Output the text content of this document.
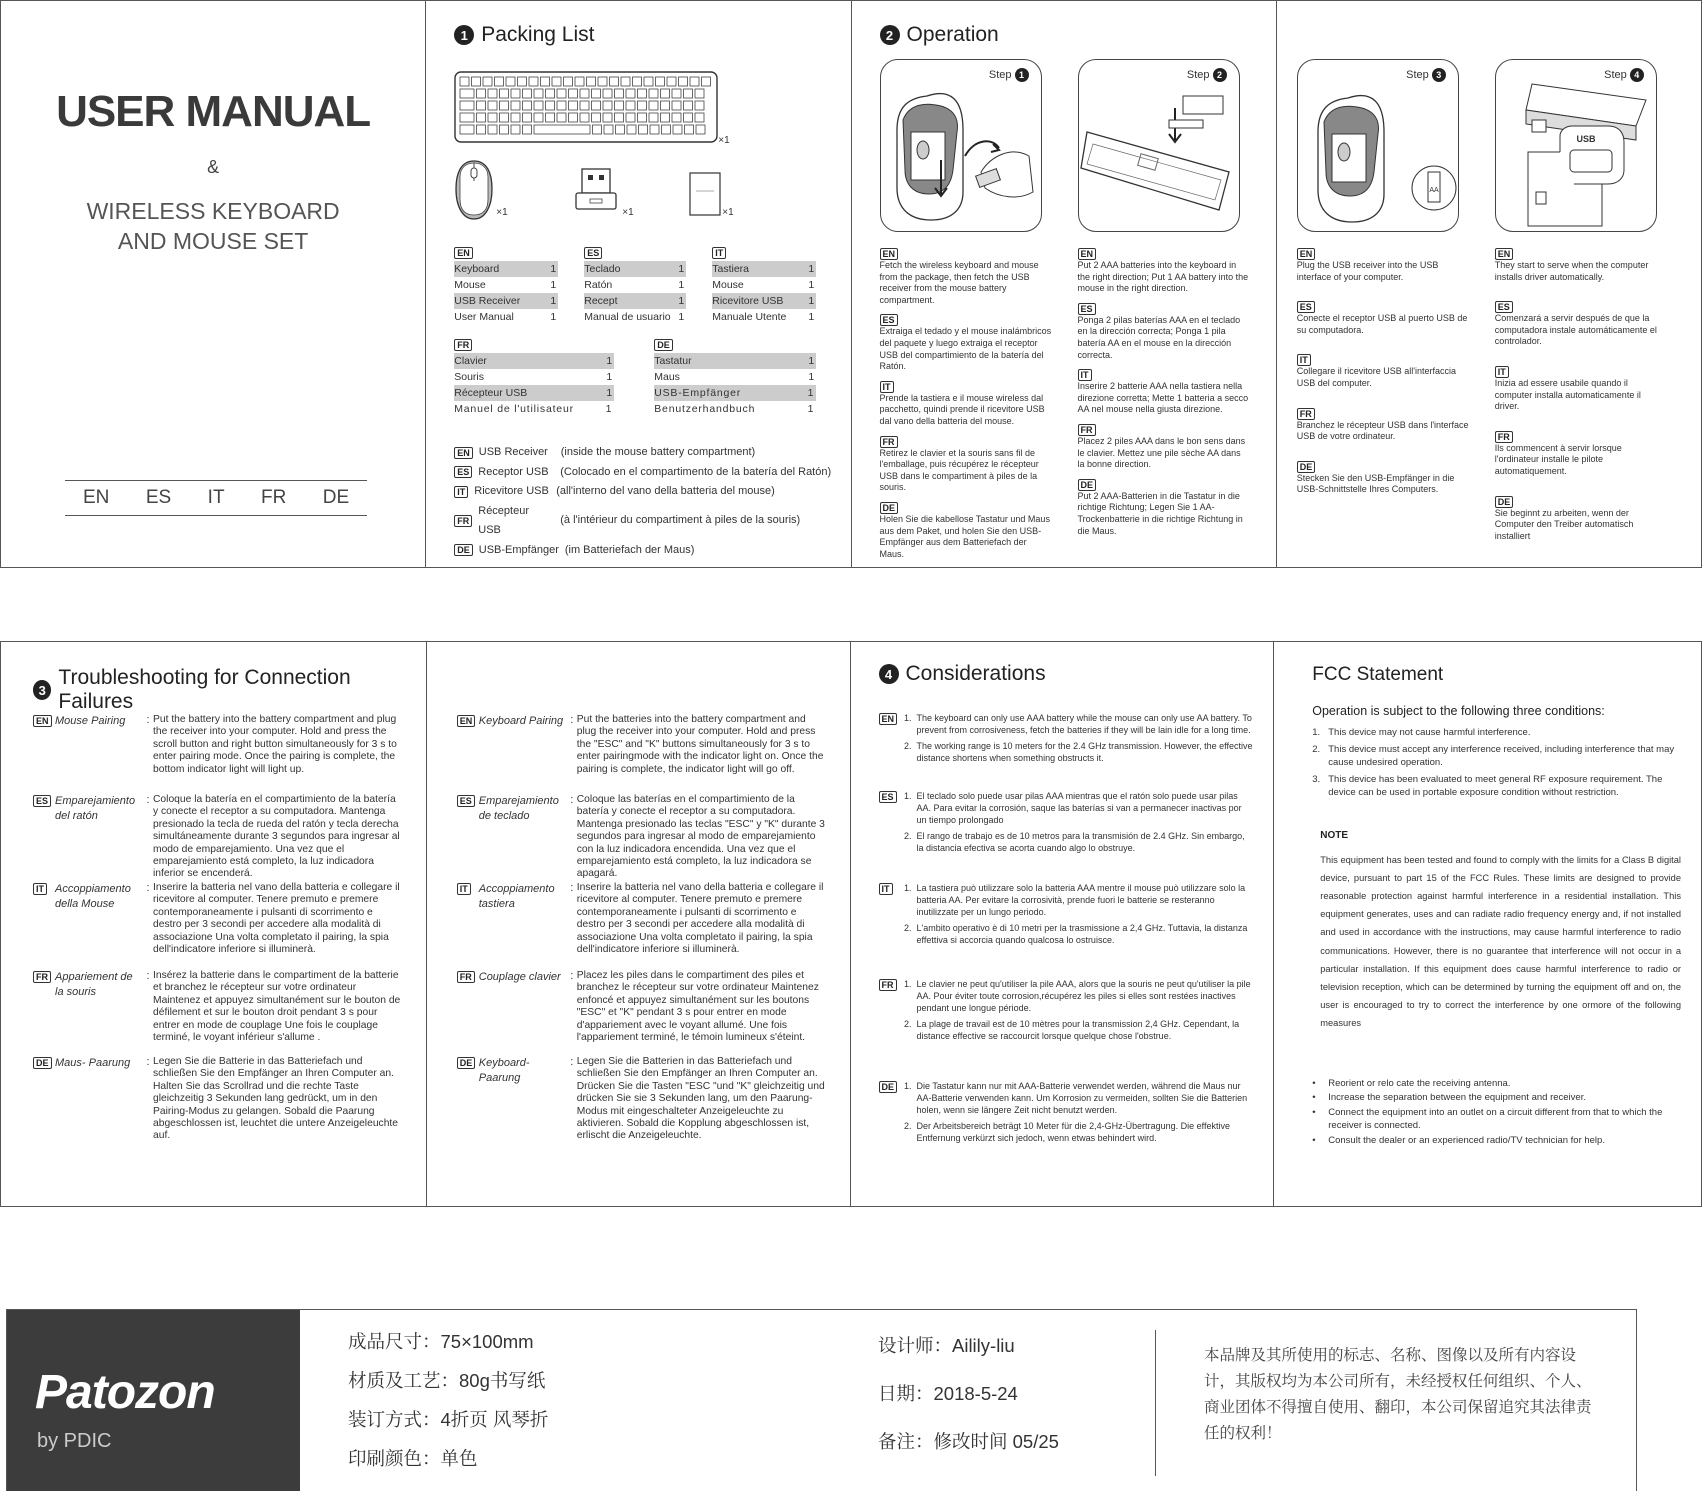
USER MANUAL
&
WIRELESS KEYBOARD
AND MOUSE SET
EN ES IT FR DE
1 Packing List
×1
×1	×1	×1
EN
Keyboard	1
Mouse	1
USB Receiver	1
User Manual	1
ES
Teclado	1
Ratón	1
Recept	1
Manual de usuario 1
IT
Tastiera	1
Mouse	1
Ricevitore USB 1
Manuale Utente 1
FR
Clavier	1
Souris	1
Récepteur USB	1
Manuel de l'utilisateur	1
DE
Tastatur	1
Maus	1
USB-Empfänger	1
Benutzerhandbuch	1
EN USB Receiver	(inside the mouse battery compartment)
ES Receptor USB	(Colocado en el compartimento de la batería del Ratón)
IT Ricevitore USB (all'interno del vano della batteria del mouse)
FR
Récepteur USB
(à l'intérieur du compartiment à piles de la souris)
DE USB-Empfänger (im Batteriefach der Maus)
2 Operation
Step 1	Step 2
EN
Fetch the wireless keyboard and mouse from the package, then fetch the USB receiver from the mouse battery compartment.
ES
Extraiga el tedado y el mouse inalámbricos del paquete y luego extraiga el receptor USB del compartimiento de la batería del Ratón.
IT
Prende la tastiera e il mouse wireless dal pacchetto, quindi prende il ricevitore USB dal vano della batteria del mouse.
FR
Retirez le clavier et la souris sans fil de l'emballage, puis récupérez le récepteur USB dans le compartiment à piles de la souris.
DE
Holen Sie die kabellose Tastatur und Maus aus dem Paket, und holen Sie den USB-Empfänger aus dem Batteriefach der Maus.
EN
Put 2 AAA batteries into the keyboard in the right direction; Put 1 AA battery into the mouse in the right direction.
ES
Ponga 2 pilas baterías AAA en el teclado en la dirección correcta; Ponga 1 pila batería AA en el mouse en la dirección correcta.
IT
Inserire 2 batterie AAA nella tastiera nella direzione corretta; Mette 1 batteria a secco AA nel mouse nella giusta direzione.
FR
Placez 2 piles AAA dans le bon sens dans le clavier. Mettez une pile sèche AA dans la bonne direction.
DE
Put 2 AAA-Batterien in die Tastatur in die richtige Richtung; Legen Sie 1 AA-Trockenbatterie in die richtige Richtung in die Maus.
Step 3
AA
Step 4
USB
EN
Plug the USB receiver into the USB interface of your computer.
ES
Conecte el receptor USB al puerto USB de su computadora.
IT
Collegare il ricevitore USB all'interfaccia USB del computer.
FR
Branchez le récepteur USB dans l'interface USB de votre ordinateur.
DE
Stecken Sie den USB-Empfänger in die USB-Schnittstelle Ihres Computers.
EN
They start to serve when the computer installs driver automatically.
ES
Comenzará a servir después de que la computadora instale automáticamente el controlador.
IT
Inizia ad essere usabile quando il computer installa automaticamente il driver.
FR
Ils commencent à servir lorsque l'ordinateur installe le pilote automatiquement.
DE
Sie beginnt zu arbeiten, wenn der Computer den Treiber automatisch installiert
3
Troubleshooting for Connection Failures
EN Mouse Pairing	: Put the battery into the battery compartment and plug the receiver into your computer. Hold and press the scroll button and right button simultaneously for 3 s to enter pairing mode. Once the pairing is complete, the bottom indicator light will light up.
ES Emparejamiento del ratón
: Coloque la batería en el compartimiento de la batería y conecte el receptor a su computadora. Mantenga presionado la tecla de rueda del ratón y tecla derecha simultáneamente durante 3 segundos para ingresar al modo de emparejamiento. Una vez que el emparejamiento está completo, la luz indicadora inferior se encenderá.
IT	Accoppiamento della Mouse
: Inserire la batteria nel vano della batteria e collegare il ricevitore al computer. Tenere premuto e premere contemporaneamente i pulsanti di scorrimento e destro per 3 secondi per accedere alla modalità di associazione Una volta completato il pairing, la spia dell'indicatore inferiore si illuminerà.
FR Appariement de la souris
: Insérez la batterie dans le compartiment de la batterie et branchez le récepteur sur votre ordinateur Maintenez et appuyez simultanément sur le bouton de défilement et sur le bouton droit pendant 3 s pour entrer en mode de couplage Une fois le couplage terminé, le voyant inférieur s'allume .
DE Maus- Paarung	: Legen Sie die Batterie in das Batteriefach und schließen Sie den Empfänger an Ihren Computer an. Halten Sie das Scrollrad und die rechte Taste gleichzeitig 3 Sekunden lang gedrückt, um in den Pairing-Modus zu gelangen. Sobald die Paarung abgeschlossen ist, leuchtet die untere Anzeigeleuchte auf.
EN Keyboard Pairing : Put the batteries into the battery compartment and plug the receiver into your computer. Hold and press the "ESC" and "K" buttons simultaneously for 3 s to enter pairingmode with the indicator light on. Once the pairing is complete, the indicator light will go off.
ES Emparejamiento de teclado
: Coloque las baterías en el compartimiento de la batería y conecte el receptor a su computadora. Mantenga presionado las teclas "ESC" y "K" durante 3 segundos para ingresar al modo de emparejamiento con la luz indicadora encendida. Una vez que el emparejamiento está completo, la luz indicadora se apagará.
IT	Accoppiamento tastiera
: Inserire la batteria nel vano della batteria e collegare il ricevitore al computer. Tenere premuto e premere contemporaneamente i pulsanti di scorrimento e destro per 3 secondi per accedere alla modalità di associazione Una volta completato il pairing, la spia dell'indicatore inferiore si illuminerà.
FR Couplage clavier : Placez les piles dans le compartiment des piles et branchez le récepteur sur votre ordinateur Maintenez enfoncé et appuyez simultanément sur les boutons "ESC" et "K" pendant 3 s pour entrer en mode d'appariement avec le voyant allumé. Une fois l'appariement terminé, le témoin lumineux s'éteint.
DE Keyboard-Paarung
: Legen Sie die Batterien in das Batteriefach und schließen Sie den Empfänger an Ihren Computer an. Drücken Sie die Tasten "ESC "und "K" gleichzeitig und drücken Sie sie 3 Sekunden lang, um den Paarung-Modus mit eingeschalteter Anzeigeleuchte zu aktivieren. Sobald die Kopplung abgeschlossen ist, erlischt die Anzeigeleuchte.
4 Considerations
EN	1. The keyboard can only use AAA battery while the mouse can only use AA battery. To prevent from corrosiveness, fetch the batteries if they will be lain idle for a long time.
2. The working range is 10 meters for the 2.4 GHz transmission. However, the effective distance shortens when something obstructs it.
ES	1. El teclado solo puede usar pilas AAA mientras que el ratón solo puede usar pilas AA. Para evitar la corrosión, saque las baterías si van a permanecer inactivas por un tiempo prolongado
2. El rango de trabajo es de 10 metros para la transmisión de 2.4 GHz. Sin embargo, la distancia efectiva se acorta cuando algo lo obstruye.
IT	1. La tastiera può utilizzare solo la batteria AAA mentre il mouse può utilizzare solo la batteria AA. Per evitare la corrosività, prende fuori le batterie se resteranno inutilizzate per un lungo periodo.
2. L'ambito operativo è di 10 metri per la trasmissione a 2,4 GHz. Tuttavia, la distanza effettiva si accorcia quando qualcosa lo ostruisce.
FR	1. Le clavier ne peut qu'utiliser la pile AAA, alors que la souris ne peut qu'utiliser la pile AA. Pour éviter toute corrosion,récupérez les piles si elles sont restées inactives pendant une longue période.
2. La plage de travail est de 10 mètres pour la transmission 2,4 GHz. Cependant, la distance effective se raccourcit lorsque quelque chose l'obstrue.
DE	1. Die Tastatur kann nur mit AAA-Batterie verwendet werden, während die Maus nur AA-Batterie verwenden kann. Um Korrosion zu vermeiden, sollten Sie die Batterien holen, wenn sie längere Zeit nicht benutzt werden.
2. Der Arbeitsbereich beträgt 10 Meter für die 2,4-GHz-Übertragung. Die effektive Entfernung verkürzt sich jedoch, wenn etwas behindert wird.
FCC Statement
Operation is subject to the following three conditions:
1. This device may not cause harmful interference.
2. This device must accept any interference received, including interference that may cause undesired operation.
3. This device has been evaluated to meet general RF exposure requirement. The device can be used in portable exposure condition without restriction.
NOTE
This equipment has been tested and found to comply with the limits for a Class B digital device, pursuant to part 15 of the FCC Rules. These limits are designed to provide reasonable protection against harmful interference in a residential installation. This equipment generates, uses and can radiate radio frequency energy and, if not installed and used in accordance with the instructions, may cause harmful interference to radio communications. However, there is no guarantee that interference will not occur in a particular installation. If this equipment does cause harmful interference to radio or television reception, which can be determined by turning the equipment off and on, the user is encouraged to try to correct the interference by one ormore of the following measures
•	Reorient or relo cate the receiving antenna.
•	Increase the separation between the equipment and receiver.
•	Connect the equipment into an outlet on a circuit different from that to which the receiver is connected.
•	Consult the dealer or an experienced radio/TV technician for help.
Patozon
by PDIC
成品尺寸：75×100mm
材质及工艺：80g书写纸
装订方式：4折页 风琴折
印刷颜色：单色
设计师：Ailily-liu
日期：2018-5-24
备注：修改时间 05/25
本品牌及其所使用的标志、名称、图像以及所有内容设计，其版权均为本公司所有，未经授权任何组织、个人、商业团体不得擅自使用、翻印，本公司保留追究其法律责任的权利！
